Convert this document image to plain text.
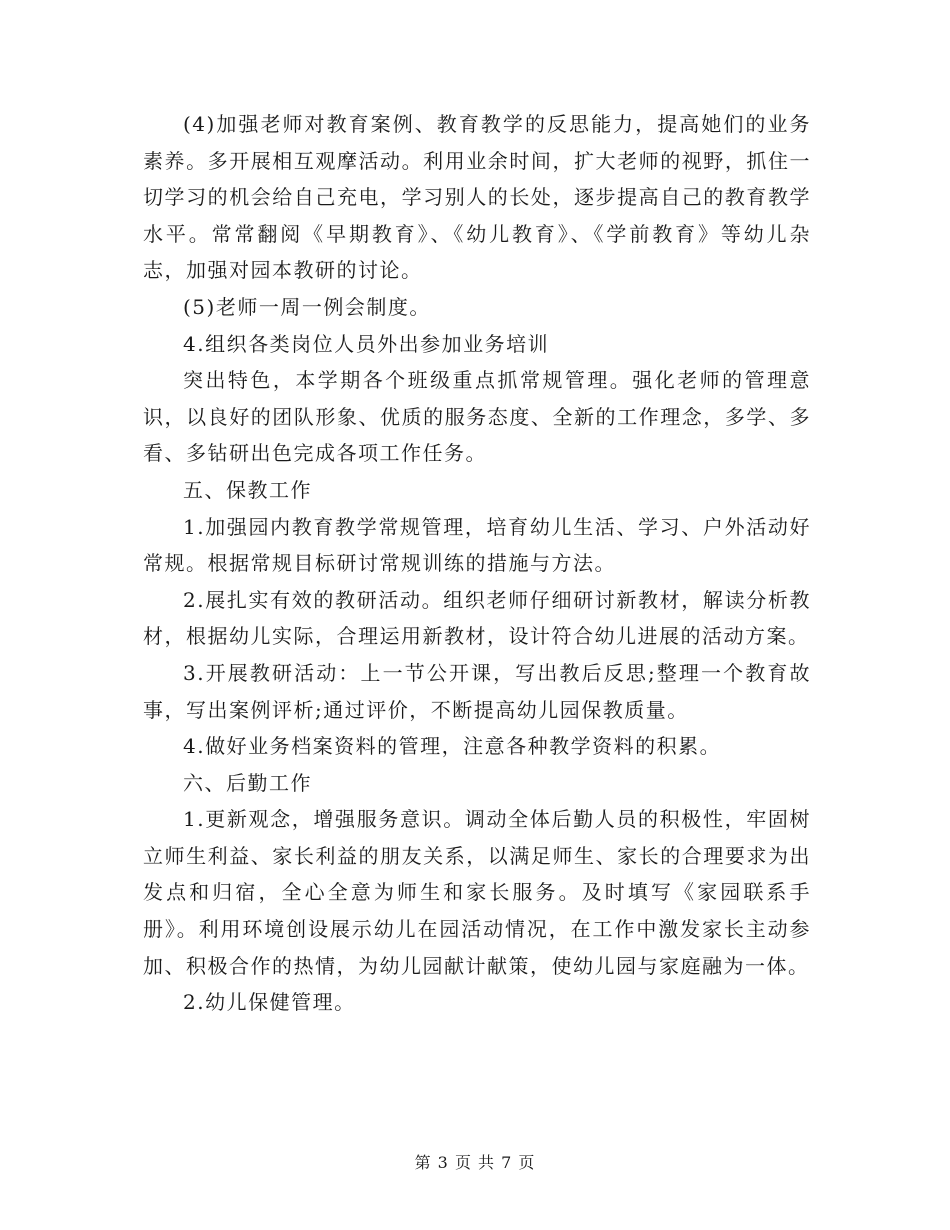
(4)加强老师对教育案例、教育教学的反思能力，提高她们的业务素养。多开展相互观摩活动。利用业余时间，扩大老师的视野，抓住一切学习的机会给自己充电，学习别人的长处，逐步提高自己的教育教学水平。常常翻阅《早期教育》、《幼儿教育》、《学前教育》等幼儿杂志，加强对园本教研的讨论。

(5)老师一周一例会制度。

4.组织各类岗位人员外出参加业务培训

突出特色，本学期各个班级重点抓常规管理。强化老师的管理意识，以良好的团队形象、优质的服务态度、全新的工作理念，多学、多看、多钻研出色完成各项工作任务。

五、保教工作

1.加强园内教育教学常规管理，培育幼儿生活、学习、户外活动好常规。根据常规目标研讨常规训练的措施与方法。

2.展扎实有效的教研活动。组织老师仔细研讨新教材，解读分析教材，根据幼儿实际，合理运用新教材，设计符合幼儿进展的活动方案。

3.开展教研活动：上一节公开课，写出教后反思;整理一个教育故事，写出案例评析;通过评价，不断提高幼儿园保教质量。

4.做好业务档案资料的管理，注意各种教学资料的积累。

六、后勤工作

1.更新观念，增强服务意识。调动全体后勤人员的积极性，牢固树立师生利益、家长利益的朋友关系，以满足师生、家长的合理要求为出发点和归宿，全心全意为师生和家长服务。及时填写《家园联系手册》。利用环境创设展示幼儿在园活动情况，在工作中激发家长主动参加、积极合作的热情，为幼儿园献计献策，使幼儿园与家庭融为一体。

2.幼儿保健管理。

第 3 页 共 7 页
